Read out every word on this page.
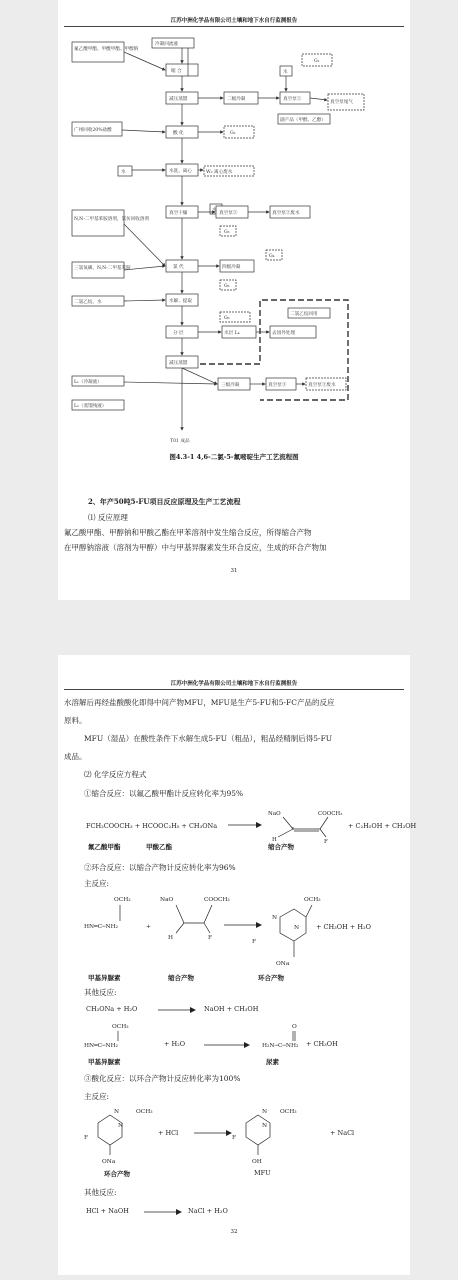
江苏中洲化学品有限公司土壤和地下水自行监测报告
氟乙酸甲酯、甲酸甲酯、甲醇钠
冷凝回流液
广州回收20%盐酸
水
N,N-二甲基苯胺溶剂，氯仿回收溶剂
三氯氧磷、N,N-二甲基苯胺
二氯乙烷、水
L₁（冷凝液）
L₂（蒸馏残液）
缩 合
减压蒸馏
酸 化
水洗、离心
真空干燥
氯 代
水解、提取
分 层
减压蒸馏
二级冷凝	真空泵①
真空泵尾气
副产品（甲醇、乙醇）
水
真空泵②	真空泵②废水
四级冷凝
水层 L₄	去园外处理
二氯乙烷回用
三级冷凝	真空泵③	真空泵③废水
水
G₁
G₂
G₃
G₄
G₅
G₆
W₂ 离心废水
T01 成品
图4.3-1 4,6-二氯-5-氟嘧啶生产工艺流程图
2、年产50吨5-FU项目反应原理及生产工艺流程
⑴ 反应原理
氟乙酸甲酯、甲醇钠和甲酸乙酯在甲苯溶剂中发生缩合反应，所得缩合产物
在甲醇钠溶液（溶剂为甲醇）中与甲基异脲素发生环合反应，生成的环合产物加
31
江苏中洲化学品有限公司土壤和地下水自行监测报告
水溶解后再经盐酸酸化即得中间产物MFU，MFU是生产5-FU和5-FC产品的反应
原料。
MFU（湿品）在酸性条件下水解生成5-FU（粗品），粗品经精制后得5-FU
成品。
⑵ 化学反应方程式
①缩合反应：以氟乙酸甲酯计反应转化率为95%
FCH₂COOCH₃ + HCOOC₂H₅ + CH₃ONa
NaO	COOCH₃
H	F
+ C₂H₅OH + CH₃OH
氟乙酸甲酯	甲酸乙酯	缩合产物
②环合反应：以缩合产物计反应转化率为96%
主反应:
OCH₃
HN═C─NH₂	+
NaO	COOCH₃
H	F
OCH₃
N
N
F
ONa
+ CH₃OH + H₂O
甲基异脲素	缩合产物	环合产物
其他反应:
CH₃ONa + H₂O → NaOH + CH₃OH
OCH₃
HN═C─NH₂
O
H₂N─C─NH₂
+ H₂O	+ CH₃OH
甲基异脲素	尿素
③酸化反应：以环合产物计反应转化率为100%
主反应:
N	OCH₃
N
F
ONa
N OCH₃
N
F
OH
+ HCl	+ NaCl
环合产物	MFU
其他反应:
HCl + NaOH → NaCl + H₂O
32
